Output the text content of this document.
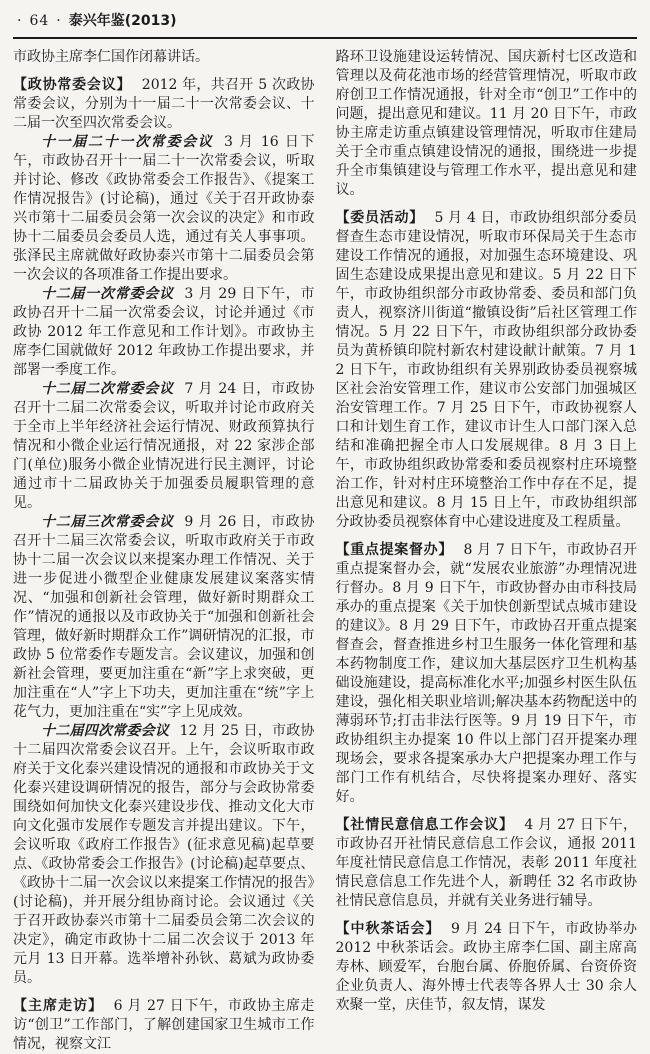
· 64 · 泰兴年鉴(2013)

市政协主席李仁国作闭幕讲话。

【政协常委会议】 2012 年，共召开 5 次政协常委会议，分别为十一届二十一次常委会议、十二届一次至四次常委会议。

十一届二十一次常委会议 3 月 16 日下午，市政协召开十一届二十一次常委会议，听取并讨论、修改《政协常委会工作报告》、《提案工作情况报告》(讨论稿)，通过《关于召开政协泰兴市第十二届委员会第一次会议的决定》和市政协十二届委员会委员人选，通过有关人事事项。张泽民主席就做好政协泰兴市第十二届委员会第一次会议的各项准备工作提出要求。

十二届一次常委会议 3 月 29 日下午，市政协召开十二届一次常委会议，讨论并通过《市政协 2012 年工作意见和工作计划》。市政协主席李仁国就做好 2012 年政协工作提出要求，并部署一季度工作。

十二届二次常委会议 7 月 24 日，市政协召开十二届二次常委会议，听取并讨论市政府关于全市上半年经济社会运行情况、财政预算执行情况和小微企业运行情况通报，对 22 家涉企部门(单位)服务小微企业情况进行民主测评，讨论通过市十二届政协关于加强委员履职管理的意见。

十二届三次常委会议 9 月 26 日，市政协召开十二届三次常委会议，听取市政府关于市政协十二届一次会议以来提案办理工作情况、关于进一步促进小微型企业健康发展建议案落实情况、“加强和创新社会管理，做好新时期群众工作”情况的通报以及市政协关于“加强和创新社会管理，做好新时期群众工作”调研情况的汇报，市政协 5 位常委作专题发言。会议建议，加强和创新社会管理，要更加注重在“新”字上求突破，更加注重在“人”字上下功夫，更加注重在“统”字上花气力，更加注重在“实”字上见成效。

十二届四次常委会议 12 月 25 日，市政协十二届四次常委会议召开。上午，会议听取市政府关于文化泰兴建设情况的通报和市政协关于文化泰兴建设调研情况的报告，部分与会政协常委围绕如何加快文化泰兴建设步伐、推动文化大市向文化强市发展作专题发言并提出建议。下午，会议听取《政府工作报告》(征求意见稿)起草要点、《政协常委会工作报告》(讨论稿)起草要点、《政协十二届一次会议以来提案工作情况的报告》(讨论稿)，并开展分组协商讨论。会议通过《关于召开政协泰兴市第十二届委员会第二次会议的决定》，确定市政协十二届二次会议于 2013 年元月 13 日开幕。选举增补孙钬、葛斌为政协委员。

【主席走访】 6 月 27 日下午，市政协主席走访“创卫”工作部门，了解创建国家卫生城市工作情况，视察文江

路环卫设施建设运转情况、国庆新村七区改造和管理以及荷花池市场的经营管理情况，听取市政府创卫工作情况通报，针对全市“创卫”工作中的问题，提出意见和建议。11 月 20 日下午，市政协主席走访重点镇建设管理情况，听取市住建局关于全市重点镇建设情况的通报，围绕进一步提升全市集镇建设与管理工作水平，提出意见和建议。

【委员活动】 5 月 4 日，市政协组织部分委员督查生态市建设情况，听取市环保局关于生态市建设工作情况的通报，对加强生态环境建设、巩固生态建设成果提出意见和建议。5 月 22 日下午，市政协组织部分市政协常委、委员和部门负责人，视察济川街道“撤镇设街”后社区管理工作情况。5 月 22 日下午，市政协组织部分政协委员为黄桥镇印院村新农村建设献计献策。7 月 12 日下午，市政协组织有关界别政协委员视察城区社会治安管理工作，建议市公安部门加强城区治安管理工作。7 月 25 日下午，市政协视察人口和计划生育工作，建议市计生人口部门深入总结和准确把握全市人口发展规律。8 月 3 日上午，市政协组织政协常委和委员视察村庄环境整治工作，针对村庄环境整治工作中存在不足，提出意见和建议。8 月 15 日上午，市政协组织部分政协委员视察体育中心建设进度及工程质量。

【重点提案督办】 8 月 7 日下午，市政协召开重点提案督办会，就“发展农业旅游”办理情况进行督办。8 月 9 日下午，市政协督办由市科技局承办的重点提案《关于加快创新型试点城市建设的建议》。8 月 29 日下午，市政协召开重点提案督查会，督查推进乡村卫生服务一体化管理和基本药物制度工作，建议加大基层医疗卫生机构基础设施建设，提高标准化水平;加强乡村医生队伍建设，强化相关职业培训;解决基本药物配送中的薄弱环节;打击非法行医等。9 月 19 日下午，市政协组织主办提案 10 件以上部门召开提案办理现场会，要求各提案承办大户把提案办理工作与部门工作有机结合，尽快将提案办理好、落实好。

【社情民意信息工作会议】 4 月 27 日下午，市政协召开社情民意信息工作会议，通报 2011 年度社情民意信息工作情况，表彰 2011 年度社情民意信息工作先进个人，新聘任 32 名市政协社情民意信息员，并就有关业务进行辅导。

【中秋茶话会】 9 月 24 日下午，市政协举办 2012 中秋茶话会。政协主席李仁国、副主席高寿林、顾爱军，台胞台属、侨胞侨属、台资侨资企业负责人、海外博士代表等各界人士 30 余人欢聚一堂，庆佳节，叙友情，谋发
